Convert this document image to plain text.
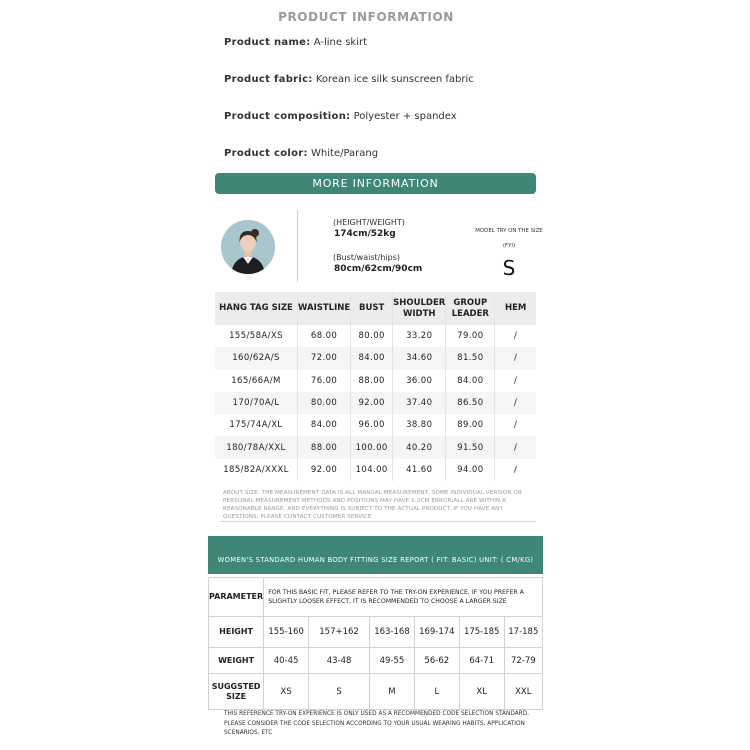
PRODUCT INFORMATION
Product name: A-line skirt
Product fabric: Korean ice silk sunscreen fabric
Product composition: Polyester + spandex
Product color: White/Parang
MORE INFORMATION
(HEIGHT/WEIGHT)
174cm/52kg
(Bust/waist/hips)
80cm/62cm/90cm
MODEL TRY ON THE SIZE
(FYI)
S
HANG TAG SIZE	WAISTLINE	BUST	SHOULDER WIDTH	GROUP LEADER	HEM
155/58A/XS	68.00	80.00	33.20	79.00	/
160/62A/S	72.00	84.00	34.60	81.50	/
165/66A/M	76.00	88.00	36.00	84.00	/
170/70A/L	80.00	92.00	37.40	86.50	/
175/74A/XL	84.00	96.00	38.80	89.00	/
180/78A/XXL	88.00	100.00	40.20	91.50	/
185/82A/XXXL	92.00	104.00	41.60	94.00	/
ABOUT SIZE: THE MEASUREMENT DATA IS ALL MANUAL MEASUREMENT, SOME INDIVIDUAL VERSION OR PERSONAL MEASUREMENT METHODS AND POSITIONS MAY HAVE 1-2CM ERROR,ALL ARE WITHIN A REASONABLE RANGE, AND EVERYTHING IS SUBJECT TO THE ACTUAL PRODUCT. IF YOU HAVE ANY QUESTIONS, PLEASE CONTACT CUSTOMER SERVICE
WOMEN'S STANDARD HUMAN BODY FITTING SIZE REPORT ( FIT: BASIC) UNIT: ( CM/KG)
PARAMETER	FOR THIS BASIC FIT, PLEASE REFER TO THE TRY-ON EXPERIENCE, IF YOU PREFER A SLIGHTLY LOOSER EFFECT, IT IS RECOMMENDED TO CHOOSE A LARGER SIZE					
HEIGHT	155-160	157+162	163-168	169-174	175-185	17-185
WEIGHT	40-45	43-48	49-55	56-62	64-71	72-79
SUGGSTED SIZE	XS	S	M	L	XL	XXL
THIS REFERENCE TRY-ON EXPERIENCE IS ONLY USED AS A RECOMMENDED CODE SELECTION STANDARD, PLEASE CONSIDER THE CODE SELECTION ACCORDING TO YOUR USUAL WEARING HABITS, APPLICATION SCENARIOS, ETC
